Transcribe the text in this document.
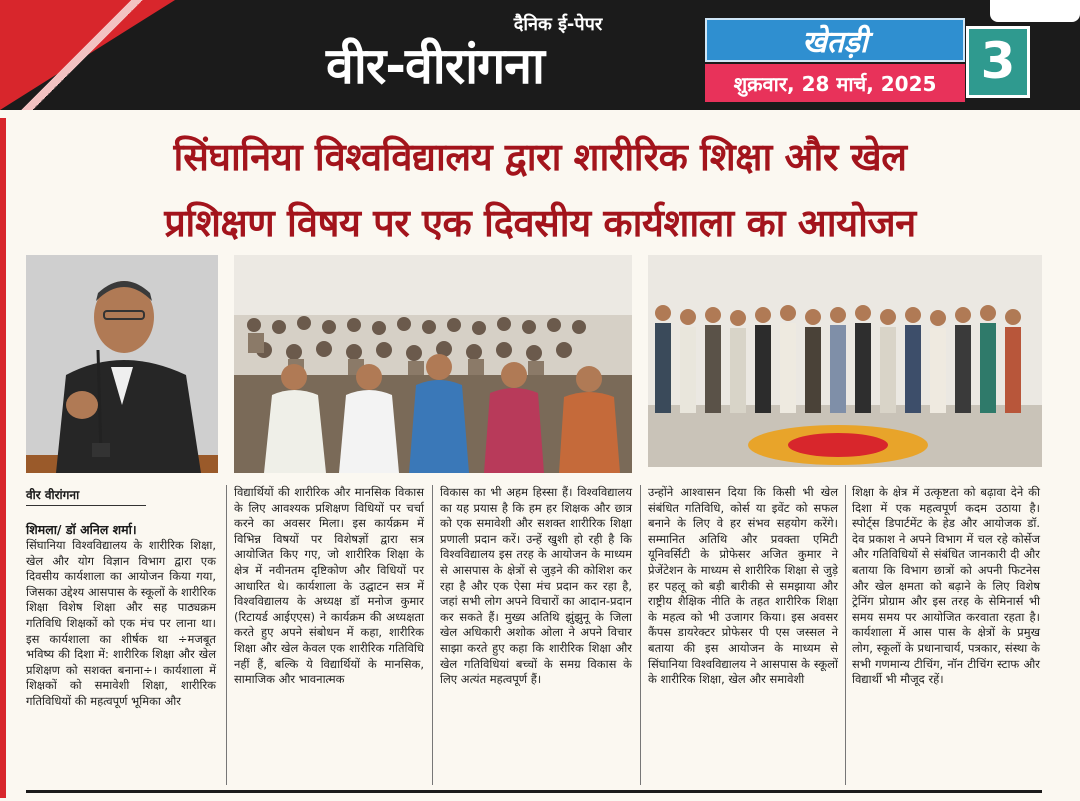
दैनिक ई-पेपर
वीर-वीरांगना	खेतड़ी
शुक्रवार, 28 मार्च, 2025 3
सिंघानिया विश्वविद्यालय द्वारा शारीरिक शिक्षा और खेल
प्रशिक्षण विषय पर एक दिवसीय कार्यशाला का आयोजन
वीर वीरांगना
शिमला/ डॉ अनिल शर्मा।

सिंघानिया विश्वविद्यालय के शारीरिक शिक्षा, खेल और योग विज्ञान विभाग द्वारा एक दिवसीय कार्यशाला का आयोजन किया गया, जिसका उद्देश्य आसपास के स्कूलों के शारीरिक शिक्षा विशेष शिक्षा और सह पाठ्यक्रम गतिविधि शिक्षकों को एक मंच पर लाना था। इस कार्यशाला का शीर्षक था ÷मजबूत भविष्य की दिशा में: शारीरिक शिक्षा और खेल प्रशिक्षण को सशक्त बनाना÷। कार्यशाला में शिक्षकों को समावेशी शिक्षा, शारीरिक गतिविधियों की महत्वपूर्ण भूमिका और

विद्यार्थियों की शारीरिक और मानसिक विकास के लिए आवश्यक प्रशिक्षण विधियों पर चर्चा करने का अवसर मिला। इस कार्यक्रम में विभिन्न विषयों पर विशेषज्ञों द्वारा सत्र आयोजित किए गए, जो शारीरिक शिक्षा के क्षेत्र में नवीनतम दृष्टिकोण और विधियों पर आधारित थे। कार्यशाला के उद्घाटन सत्र में विश्वविद्यालय के अध्यक्ष डॉ मनोज कुमार (रिटायर्ड आईएएस) ने कार्यक्रम की अध्यक्षता करते हुए अपने संबोधन में कहा, शारीरिक शिक्षा और खेल केवल एक शारीरिक गतिविधि नहीं हैं, बल्कि ये विद्यार्थियों के मानसिक, सामाजिक और भावनात्मक

विकास का भी अहम हिस्सा हैं। विश्वविद्यालय का यह प्रयास है कि हम हर शिक्षक और छात्र को एक समावेशी और सशक्त शारीरिक शिक्षा प्रणाली प्रदान करें। उन्हें खुशी हो रही है कि विश्वविद्यालय इस तरह के आयोजन के माध्यम से आसपास के क्षेत्रों से जुड़ने की कोशिश कर रहा है और एक ऐसा मंच प्रदान कर रहा है, जहां सभी लोग अपने विचारों का आदान-प्रदान कर सकते हैं। मुख्य अतिथि झुंझुनू के जिला खेल अधिकारी अशोक ओला ने अपने विचार साझा करते हुए कहा कि शारीरिक शिक्षा और खेल गतिविधियां बच्चों के समग्र विकास के लिए अत्यंत महत्वपूर्ण हैं।

उन्होंने आश्वासन दिया कि किसी भी खेल संबंधित गतिविधि, कोर्स या इवेंट को सफल बनाने के लिए वे हर संभव सहयोग करेंगे। सम्मानित अतिथि और प्रवक्ता एमिटी यूनिवर्सिटी के प्रोफेसर अजित कुमार ने प्रेजेंटेशन के माध्यम से शारीरिक शिक्षा से जुड़े हर पहलू को बड़ी बारीकी से समझाया और राष्ट्रीय शैक्षिक नीति के तहत शारीरिक शिक्षा के महत्व को भी उजागर किया। इस अवसर कैंपस डायरेक्टर प्रोफेसर पी एस जस्सल ने बताया की इस आयोजन के माध्यम से सिंघानिया विश्वविद्यालय ने आसपास के स्कूलों के शारीरिक शिक्षा, खेल और समावेशी

शिक्षा के क्षेत्र में उत्कृष्टता को बढ़ावा देने की दिशा में एक महत्वपूर्ण कदम उठाया है। स्पोर्ट्स डिपार्टमेंट के हेड और आयोजक डॉ. देव प्रकाश ने अपने विभाग में चल रहे कोर्सेज और गतिविधियों से संबंधित जानकारी दी और बताया कि विभाग छात्रों को अपनी फिटनेस और खेल क्षमता को बढ़ाने के लिए विशेष ट्रेनिंग प्रोग्राम और इस तरह के सेमिनार्स भी समय समय पर आयोजित करवाता रहता है। कार्यशाला में आस पास के क्षेत्रों के प्रमुख लोग, स्कूलों के प्रधानाचार्य, पत्रकार, संस्था के सभी गणमान्य टीचिंग, नॉन टीचिंग स्टाफ और विद्यार्थी भी मौजूद रहें।
